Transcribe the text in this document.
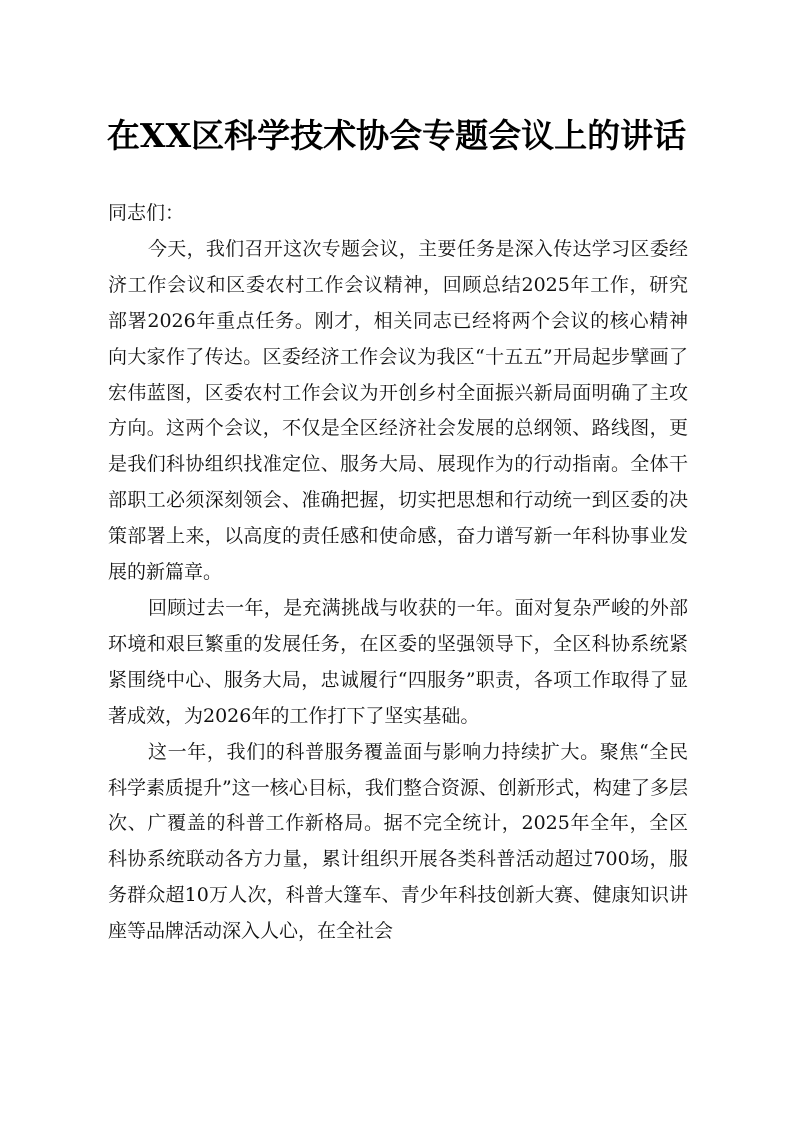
在XX区科学技术协会专题会议上的讲话

同志们：

今天，我们召开这次专题会议，主要任务是深入传达学习区委经济工作会议和区委农村工作会议精神，回顾总结2025年工作，研究部署2026年重点任务。刚才，相关同志已经将两个会议的核心精神向大家作了传达。区委经济工作会议为我区“十五五”开局起步擘画了宏伟蓝图，区委农村工作会议为开创乡村全面振兴新局面明确了主攻方向。这两个会议，不仅是全区经济社会发展的总纲领、路线图，更是我们科协组织找准定位、服务大局、展现作为的行动指南。全体干部职工必须深刻领会、准确把握，切实把思想和行动统一到区委的决策部署上来，以高度的责任感和使命感，奋力谱写新一年科协事业发展的新篇章。

回顾过去一年，是充满挑战与收获的一年。面对复杂严峻的外部环境和艰巨繁重的发展任务，在区委的坚强领导下，全区科协系统紧紧围绕中心、服务大局，忠诚履行“四服务”职责，各项工作取得了显著成效，为2026年的工作打下了坚实基础。

这一年，我们的科普服务覆盖面与影响力持续扩大。聚焦“全民科学素质提升”这一核心目标，我们整合资源、创新形式，构建了多层次、广覆盖的科普工作新格局。据不完全统计，2025年全年，全区科协系统联动各方力量，累计组织开展各类科普活动超过700场，服务群众超10万人次，科普大篷车、青少年科技创新大赛、健康知识讲座等品牌活动深入人心，在全社会
